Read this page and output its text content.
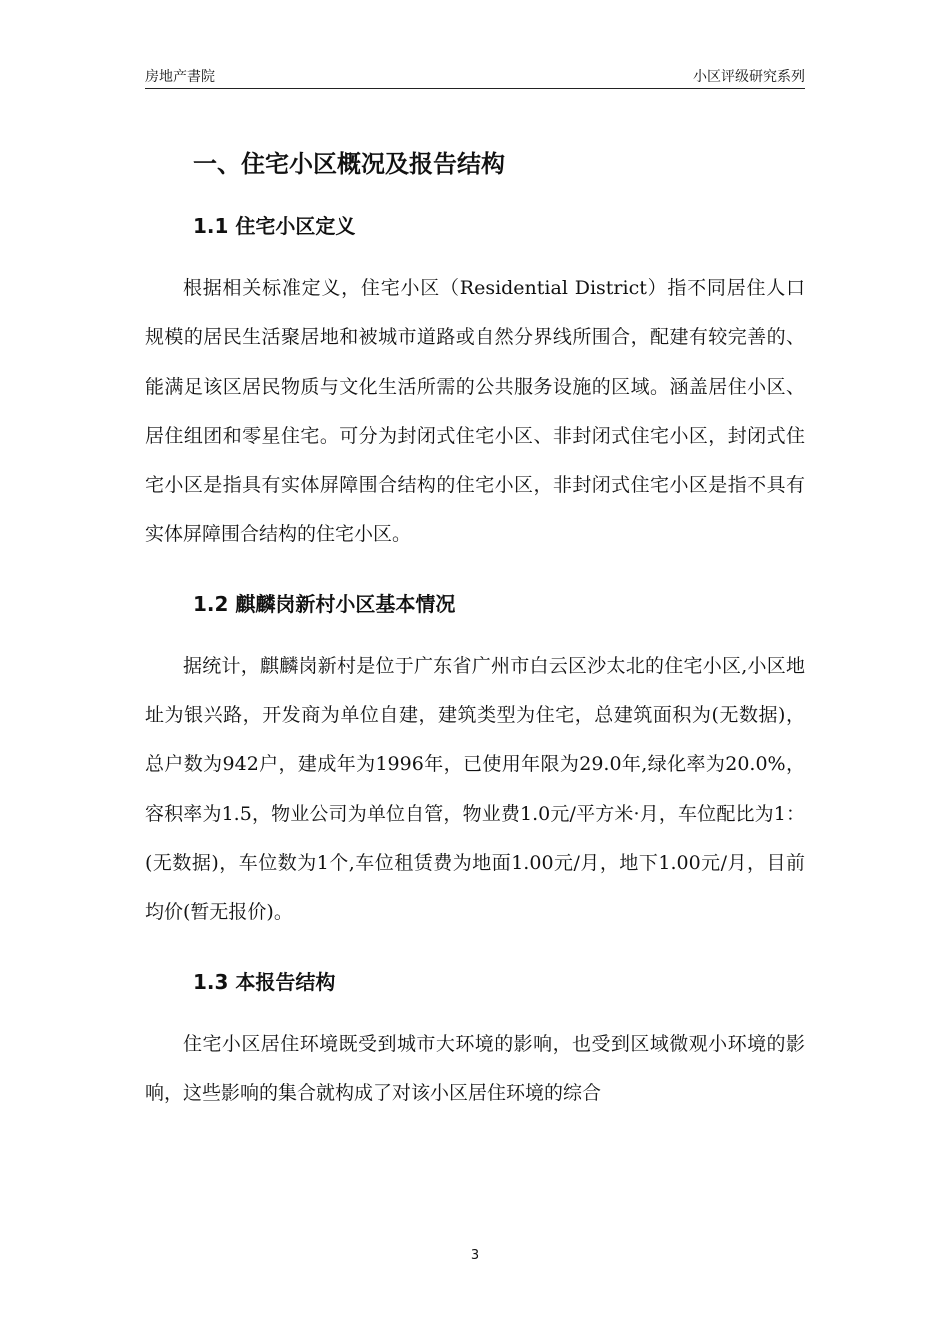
房地产書院	小区评级研究系列
一、住宅小区概况及报告结构
1.1 住宅小区定义

根据相关标准定义，住宅小区（Residential District）指不同居住人口规模的居民生活聚居地和被城市道路或自然分界线所围合，配建有较完善的、能满足该区居民物质与文化生活所需的公共服务设施的区域。涵盖居住小区、居住组团和零星住宅。可分为封闭式住宅小区、非封闭式住宅小区，封闭式住宅小区是指具有实体屏障围合结构的住宅小区，非封闭式住宅小区是指不具有实体屏障围合结构的住宅小区。

1.2 麒麟岗新村小区基本情况

据统计，麒麟岗新村是位于广东省广州市白云区沙太北的住宅小区,小区地址为银兴路，开发商为单位自建，建筑类型为住宅，总建筑面积为(无数据)，总户数为942户，建成年为1996年，已使用年限为29.0年,绿化率为20.0%，容积率为1.5，物业公司为单位自管，物业费1.0元/平方米·月，车位配比为1：(无数据)，车位数为1个,车位租赁费为地面1.00元/月，地下1.00元/月，目前均价(暂无报价)。

1.3 本报告结构

住宅小区居住环境既受到城市大环境的影响，也受到区域微观小环境的影响，这些影响的集合就构成了对该小区居住环境的综合

3
